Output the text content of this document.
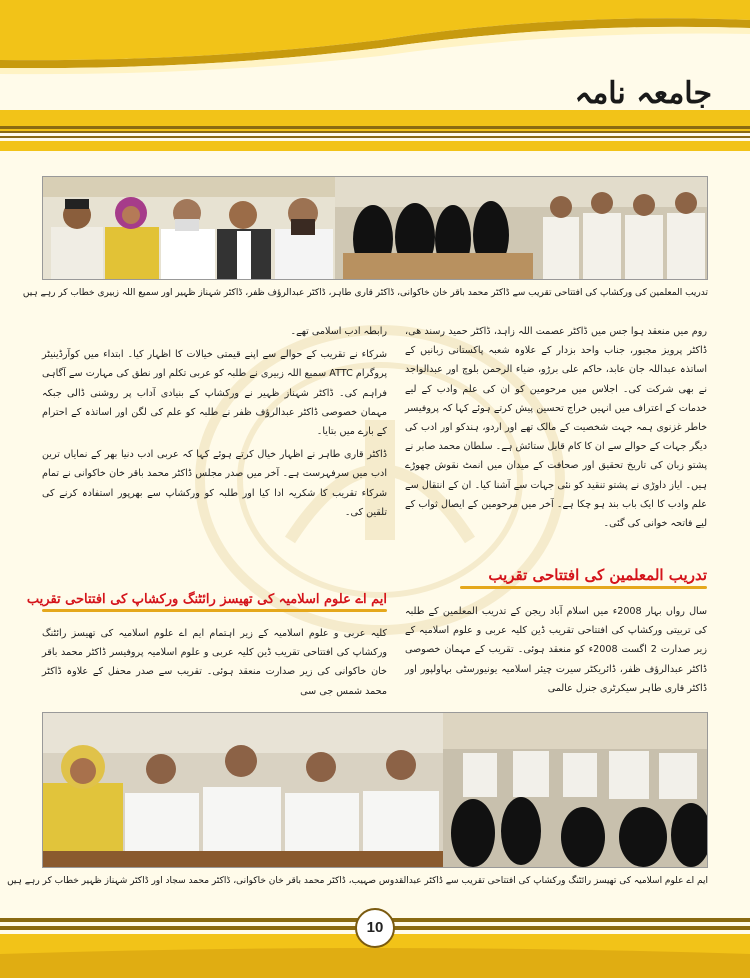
جامعہ نامہ
تدریب المعلمین کی ورکشاپ کی افتتاحی تقریب سے ڈاکٹر محمد باقر خان خاکوانی، ڈاکٹر قاری طاہر، ڈاکٹر عبدالرؤف ظفر، ڈاکٹر شہناز ظہیر اور سمیع اللہ زبیری خطاب کر رہے ہیں

روم میں منعقد ہوا جس میں ڈاکٹر عصمت اللہ زاہد، ڈاکٹر حمید رسند ھی، ڈاکٹر پرویز مجبور، جناب واحد بزدار کے علاوہ شعبہ پاکستانی زبانیں کے اساتذہ عبداللہ جان عابد، حاکم علی برڑو، ضیاء الرحمن بلوچ اور عبدالواجد نے بھی شرکت کی۔ اجلاس میں مرحومین کو ان کی علم وادب کے لیے خدمات کے اعتراف میں انہیں خراج تحسین پیش کرتے ہوئے کہا کہ پروفیسر خاطر غزنوی ہمہ جہت شخصیت کے مالک تھے اور اردو، ہندکو اور ادب کی دیگر جہات کے حوالے سے ان کا کام قابل ستائش ہے۔ سلطان محمد صابر نے پشتو زبان کی تاریخ تحقیق اور صحافت کے میدان میں انمٹ نقوش چھوڑے ہیں۔ ایاز داوڑی نے پشتو تنقید کو نئی جہات سے آشنا کیا۔ ان کے انتقال سے علم وادب کا ایک باب بند ہو چکا ہے۔ آخر میں مرحومین کے ایصال ثواب کے لیے فاتحہ خوانی کی گئی۔

تدریب المعلمین کی افتتاحی تقریب

سال رواں بہار 2008ء میں اسلام آباد ریجن کے تدریب المعلمین کے طلبہ کی تربیتی ورکشاپ کی افتتاحی تقریب ڈین کلیہ عربی و علوم اسلامیہ کے زیر صدارت 2 اگست 2008ء کو منعقد ہوئی۔ تقریب کے مہمان خصوصی ڈاکٹر عبدالرؤف ظفر، ڈائریکٹر سیرت چیئر اسلامیہ یونیورسٹی بہاولپور اور ڈاکٹر قاری طاہر سیکرٹری جنرل عالمی

رابطہ ادب اسلامی تھے۔

شرکاء نے تقریب کے حوالے سے اپنے قیمتی خیالات کا اظہار کیا۔ ابتداء میں کوآرڈینیٹر پروگرام ATTC سمیع اللہ زبیری نے طلبہ کو عربی تکلم اور نطق کی مہارت سے آگاہی فراہم کی۔ ڈاکٹر شہناز ظہیر نے ورکشاپ کے بنیادی آداب پر روشنی ڈالی جبکہ مہمان خصوصی ڈاکٹر عبدالرؤف ظفر نے طلبہ کو علم کی لگن اور اساتذہ کے احترام کے بارے میں بتایا۔

ڈاکٹر قاری طاہر نے اظہار خیال کرتے ہوئے کہا کہ عربی ادب دنیا بھر کے نمایاں ترین ادب میں سرفہرست ہے۔ آخر میں صدر مجلس ڈاکٹر محمد باقر خان خاکوانی نے تمام شرکاء تقریب کا شکریہ ادا کیا اور طلبہ کو ورکشاپ سے بھرپور استفادہ کرنے کی تلقین کی۔

ایم اے علوم اسلامیہ کی تھیسز رائٹنگ ورکشاپ کی افتتاحی تقریب

کلیہ عربی و علوم اسلامیہ کے زیر اہتمام ایم اے علوم اسلامیہ کی تھیسز رائٹنگ ورکشاپ کی افتتاحی تقریب ڈین کلیہ عربی و علوم اسلامیہ پروفیسر ڈاکٹر محمد باقر خان خاکوانی کی زیر صدارت منعقد ہوئی۔ تقریب سے صدر محفل کے علاوہ ڈاکٹر محمد شمس جی سی

ایم اے علوم اسلامیہ کی تھیسز رائٹنگ ورکشاپ کی افتتاحی تقریب سے ڈاکٹر عبدالقدوس صہیب، ڈاکٹر محمد باقر خان خاکوانی، ڈاکٹر محمد سجاد اور ڈاکٹر شہناز ظہیر خطاب کر رہے ہیں
10
